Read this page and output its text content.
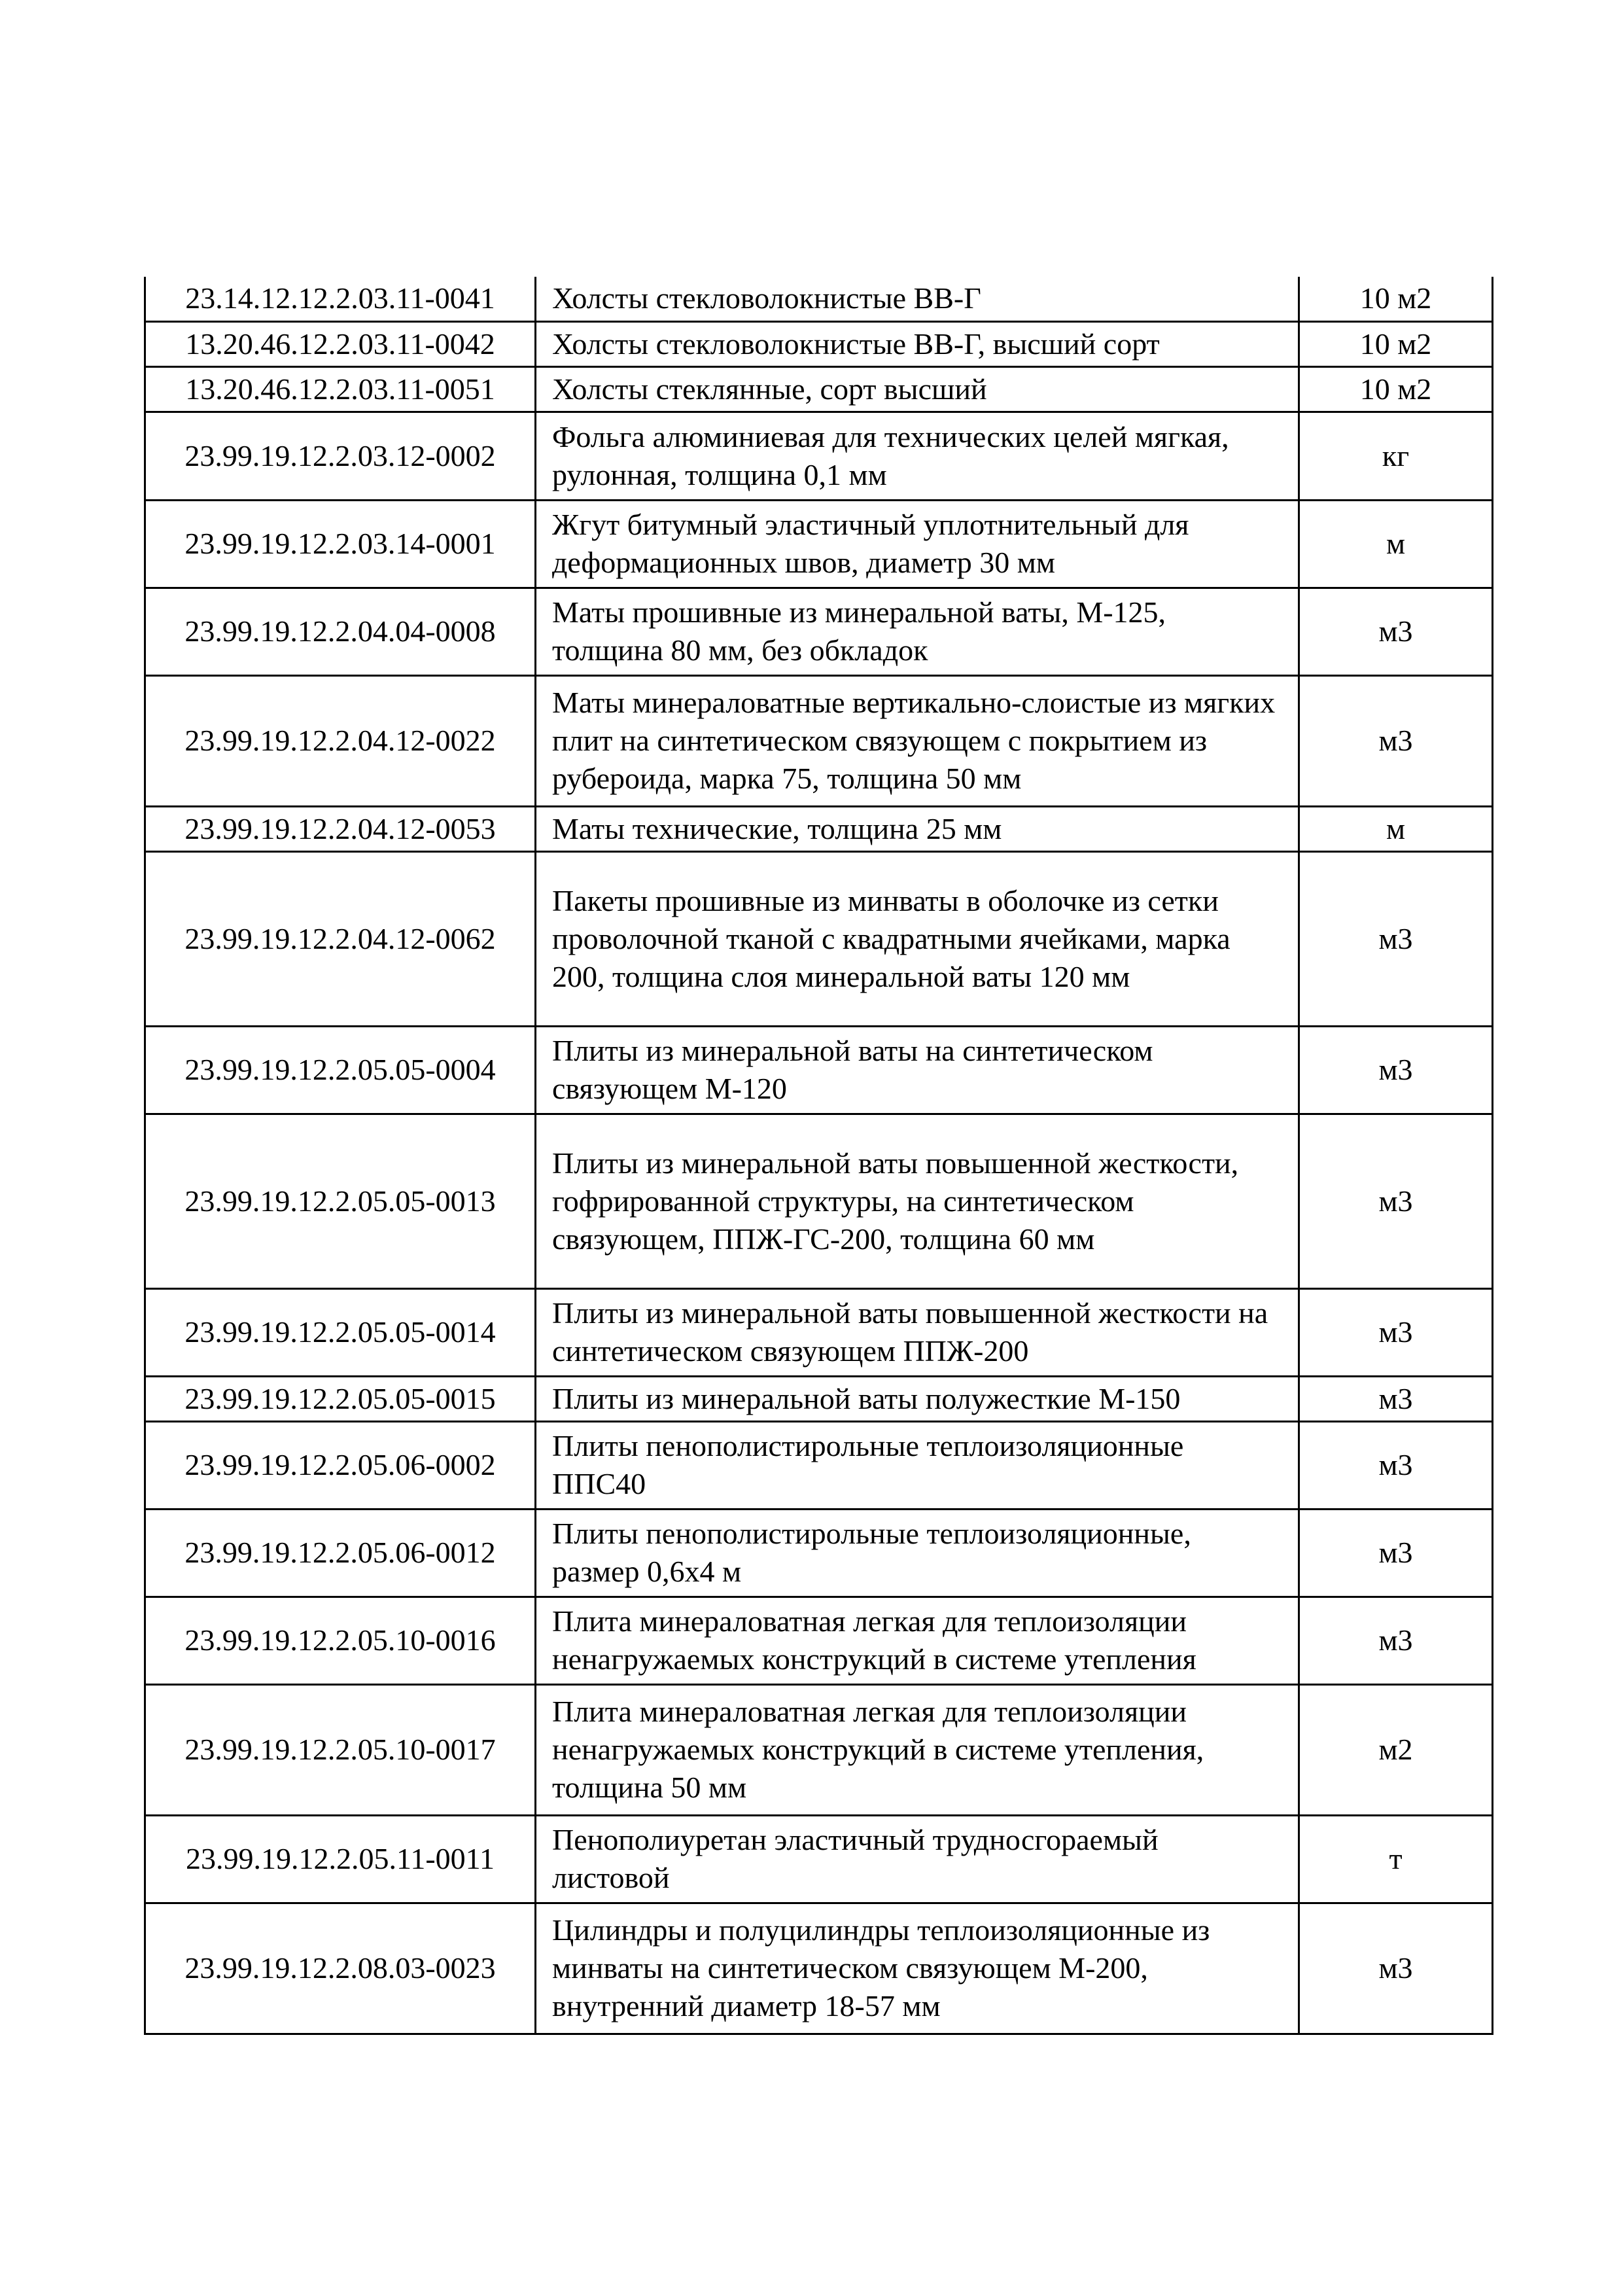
23.14.12.12.2.03.11-0041	Холсты стекловолокнистые ВВ-Г	10 м2
13.20.46.12.2.03.11-0042	Холсты стекловолокнистые ВВ-Г, высший сорт	10 м2
13.20.46.12.2.03.11-0051	Холсты стеклянные, сорт высший	10 м2
23.99.19.12.2.03.12-0002	Фольга алюминиевая для технических целей мягкая, рулонная, толщина 0,1 мм	кг
23.99.19.12.2.03.14-0001	Жгут битумный эластичный уплотнительный для деформационных швов, диаметр 30 мм	м
23.99.19.12.2.04.04-0008	Маты прошивные из минеральной ваты, М-125, толщина 80 мм, без обкладок	м3
23.99.19.12.2.04.12-0022	Маты минераловатные вертикально-слоистые из мягких плит на синтетическом связующем с покрытием из рубероида, марка 75, толщина 50 мм	м3
23.99.19.12.2.04.12-0053	Маты технические, толщина 25 мм	м
23.99.19.12.2.04.12-0062	Пакеты прошивные из минваты в оболочке из сетки проволочной тканой с квадратными ячейками, марка 200, толщина слоя минеральной ваты 120 мм	м3
23.99.19.12.2.05.05-0004	Плиты из минеральной ваты на синтетическом связующем М-120	м3
23.99.19.12.2.05.05-0013	Плиты из минеральной ваты повышенной жесткости, гофрированной структуры, на синтетическом связующем, ППЖ-ГС-200, толщина 60 мм	м3
23.99.19.12.2.05.05-0014	Плиты из минеральной ваты повышенной жесткости на синтетическом связующем ППЖ-200	м3
23.99.19.12.2.05.05-0015	Плиты из минеральной ваты полужесткие М-150	м3
23.99.19.12.2.05.06-0002	Плиты пенополистирольные теплоизоляционные ППС40	м3
23.99.19.12.2.05.06-0012	Плиты пенополистирольные теплоизоляционные, размер 0,6х4 м	м3
23.99.19.12.2.05.10-0016	Плита минераловатная легкая для теплоизоляции ненагружаемых конструкций в системе утепления	м3
23.99.19.12.2.05.10-0017	Плита минераловатная легкая для теплоизоляции ненагружаемых конструкций в системе утепления, толщина 50 мм	м2
23.99.19.12.2.05.11-0011	Пенополиуретан эластичный трудносгораемый листовой	т
23.99.19.12.2.08.03-0023	Цилиндры и полуцилиндры теплоизоляционные из минваты на синтетическом связующем М-200, внутренний диаметр 18-57 мм	м3
